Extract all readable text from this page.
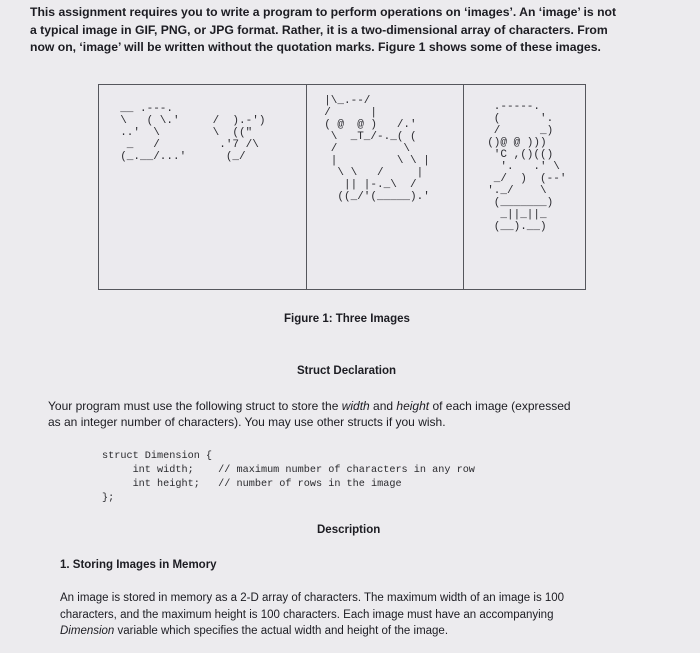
This assignment requires you to write a program to perform operations on ‘images’. An ‘image’ is not
a typical image in GIF, PNG, or JPG format. Rather, it is a two-dimensional array of characters. From
now on, ‘image’ will be written without the quotation marks. Figure 1 shows some of these images.
__ .---.
\   ( \.'     /  ).-')
..'  \        \  (("
_   /         .'7 /\
(_.__/...'      (_/
|\_.--/
/      |
( @  @ )   /.'
\  _T_/-._( (
/          \
|         \ \ |
\ \   /     |
|| |-._\  /
((_/'(_____).'
.-----.
(      '.
/      _)
()@ @ )))
'C ,()(()
'.   .' \
_/  )  (--'
'._/    \
(_______)
_||_||_
(__).__)
Figure 1: Three Images
Struct Declaration
Your program must use the following struct to store the width and height of each image (expressed
as an integer number of characters). You may use other structs if you wish.
struct Dimension {
int width;    // maximum number of characters in any row
int height;   // number of rows in the image
};
Description
1. Storing Images in Memory
An image is stored in memory as a 2-D array of characters. The maximum width of an image is 100
characters, and the maximum height is 100 characters. Each image must have an accompanying
Dimension variable which specifies the actual width and height of the image.
